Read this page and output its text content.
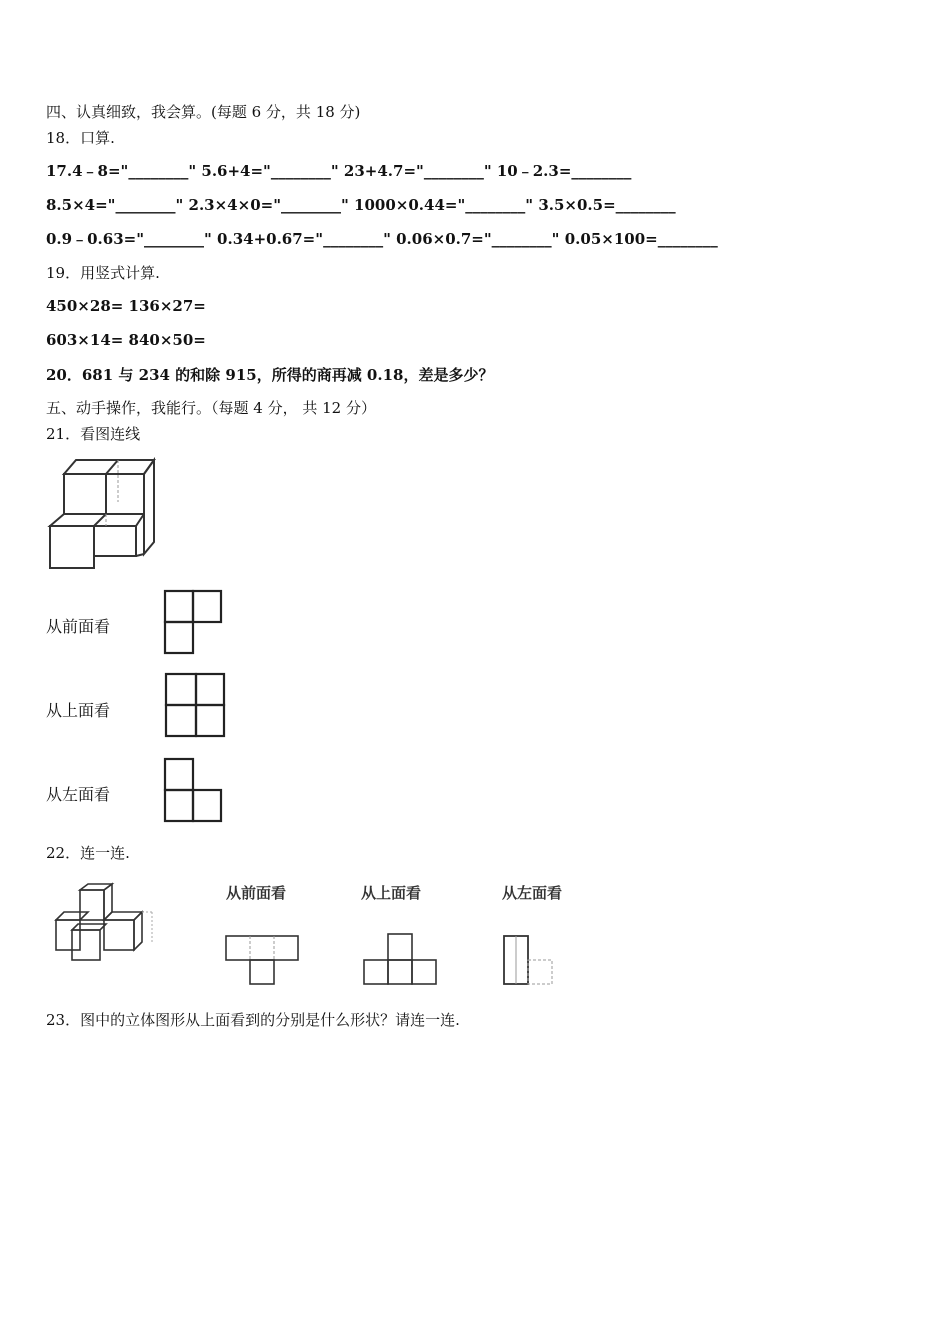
四、认真细致，我会算。(每题 6 分，共 18 分)
18．口算.
17.4﹣8="________" 5.6+4="________" 23+4.7="________" 10﹣2.3=________
8.5×4="________" 2.3×4×0="________" 1000×0.44="________" 3.5×0.5=________
0.9﹣0.63="________" 0.34+0.67="________" 0.06×0.7="________" 0.05×100=________
19．用竖式计算.
450×28= 136×27=
603×14= 840×50=
20．681 与 234 的和除 915，所得的商再减 0.18，差是多少？
五、动手操作，我能行。（每题 4 分， 共 12 分）
21．看图连线
从前面看
从上面看
从左面看
22．连一连.
从前面看	从上面看	从左面看
23．图中的立体图形从上面看到的分别是什么形状？请连一连.
